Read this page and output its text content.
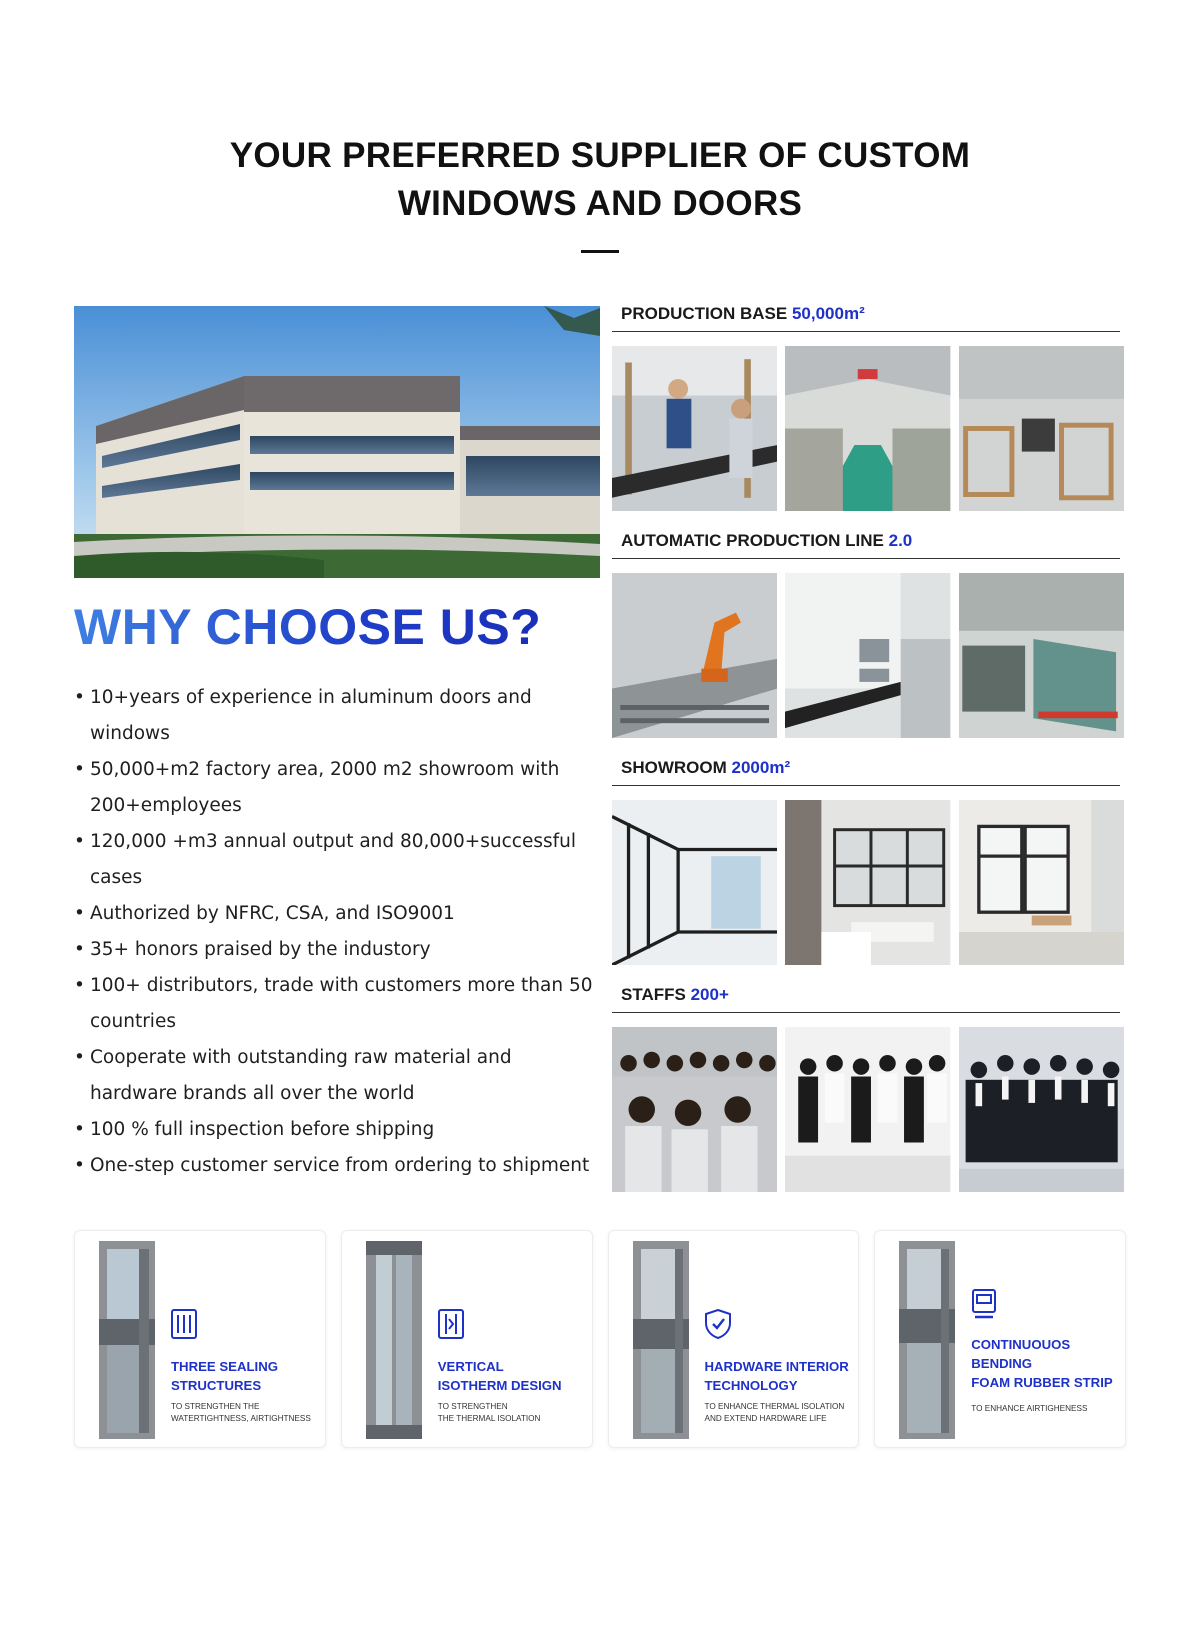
YOUR PREFERRED SUPPLIER OF CUSTOM
WINDOWS AND DOORS
WHY CHOOSE US?
• 10+years of experience in aluminum doors and
windows
• 50,000+m2 factory area, 2000 m2 showroom with
200+employees
• 120,000 +m3 annual output and 80,000+successful
cases
• Authorized by NFRC, CSA, and ISO9001
• 35+ honors praised by the industory
• 100+ distributors, trade with customers more than 50
countries
• Cooperate with outstanding raw material and
hardware brands all over the world
• 100 % full inspection before shipping
• One-step customer service from ordering to shipment
PRODUCTION BASE 50,000m²
AUTOMATIC PRODUCTION LINE 2.0
SHOWROOM 2000m²
STAFFS 200+
THREE SEALING
STRUCTURES
TO STRENGTHEN THE
WATERTIGHTNESS, AIRTIGHTNESS
VERTICAL
ISOTHERM DESIGN
TO STRENGTHEN
THE THERMAL ISOLATION
HARDWARE INTERIOR
TECHNOLOGY
TO ENHANCE THERMAL ISOLATION
AND EXTEND HARDWARE LIFE
CONTINUOUOS
BENDING
FOAM RUBBER STRIP
TO ENHANCE AIRTIGHENESS
